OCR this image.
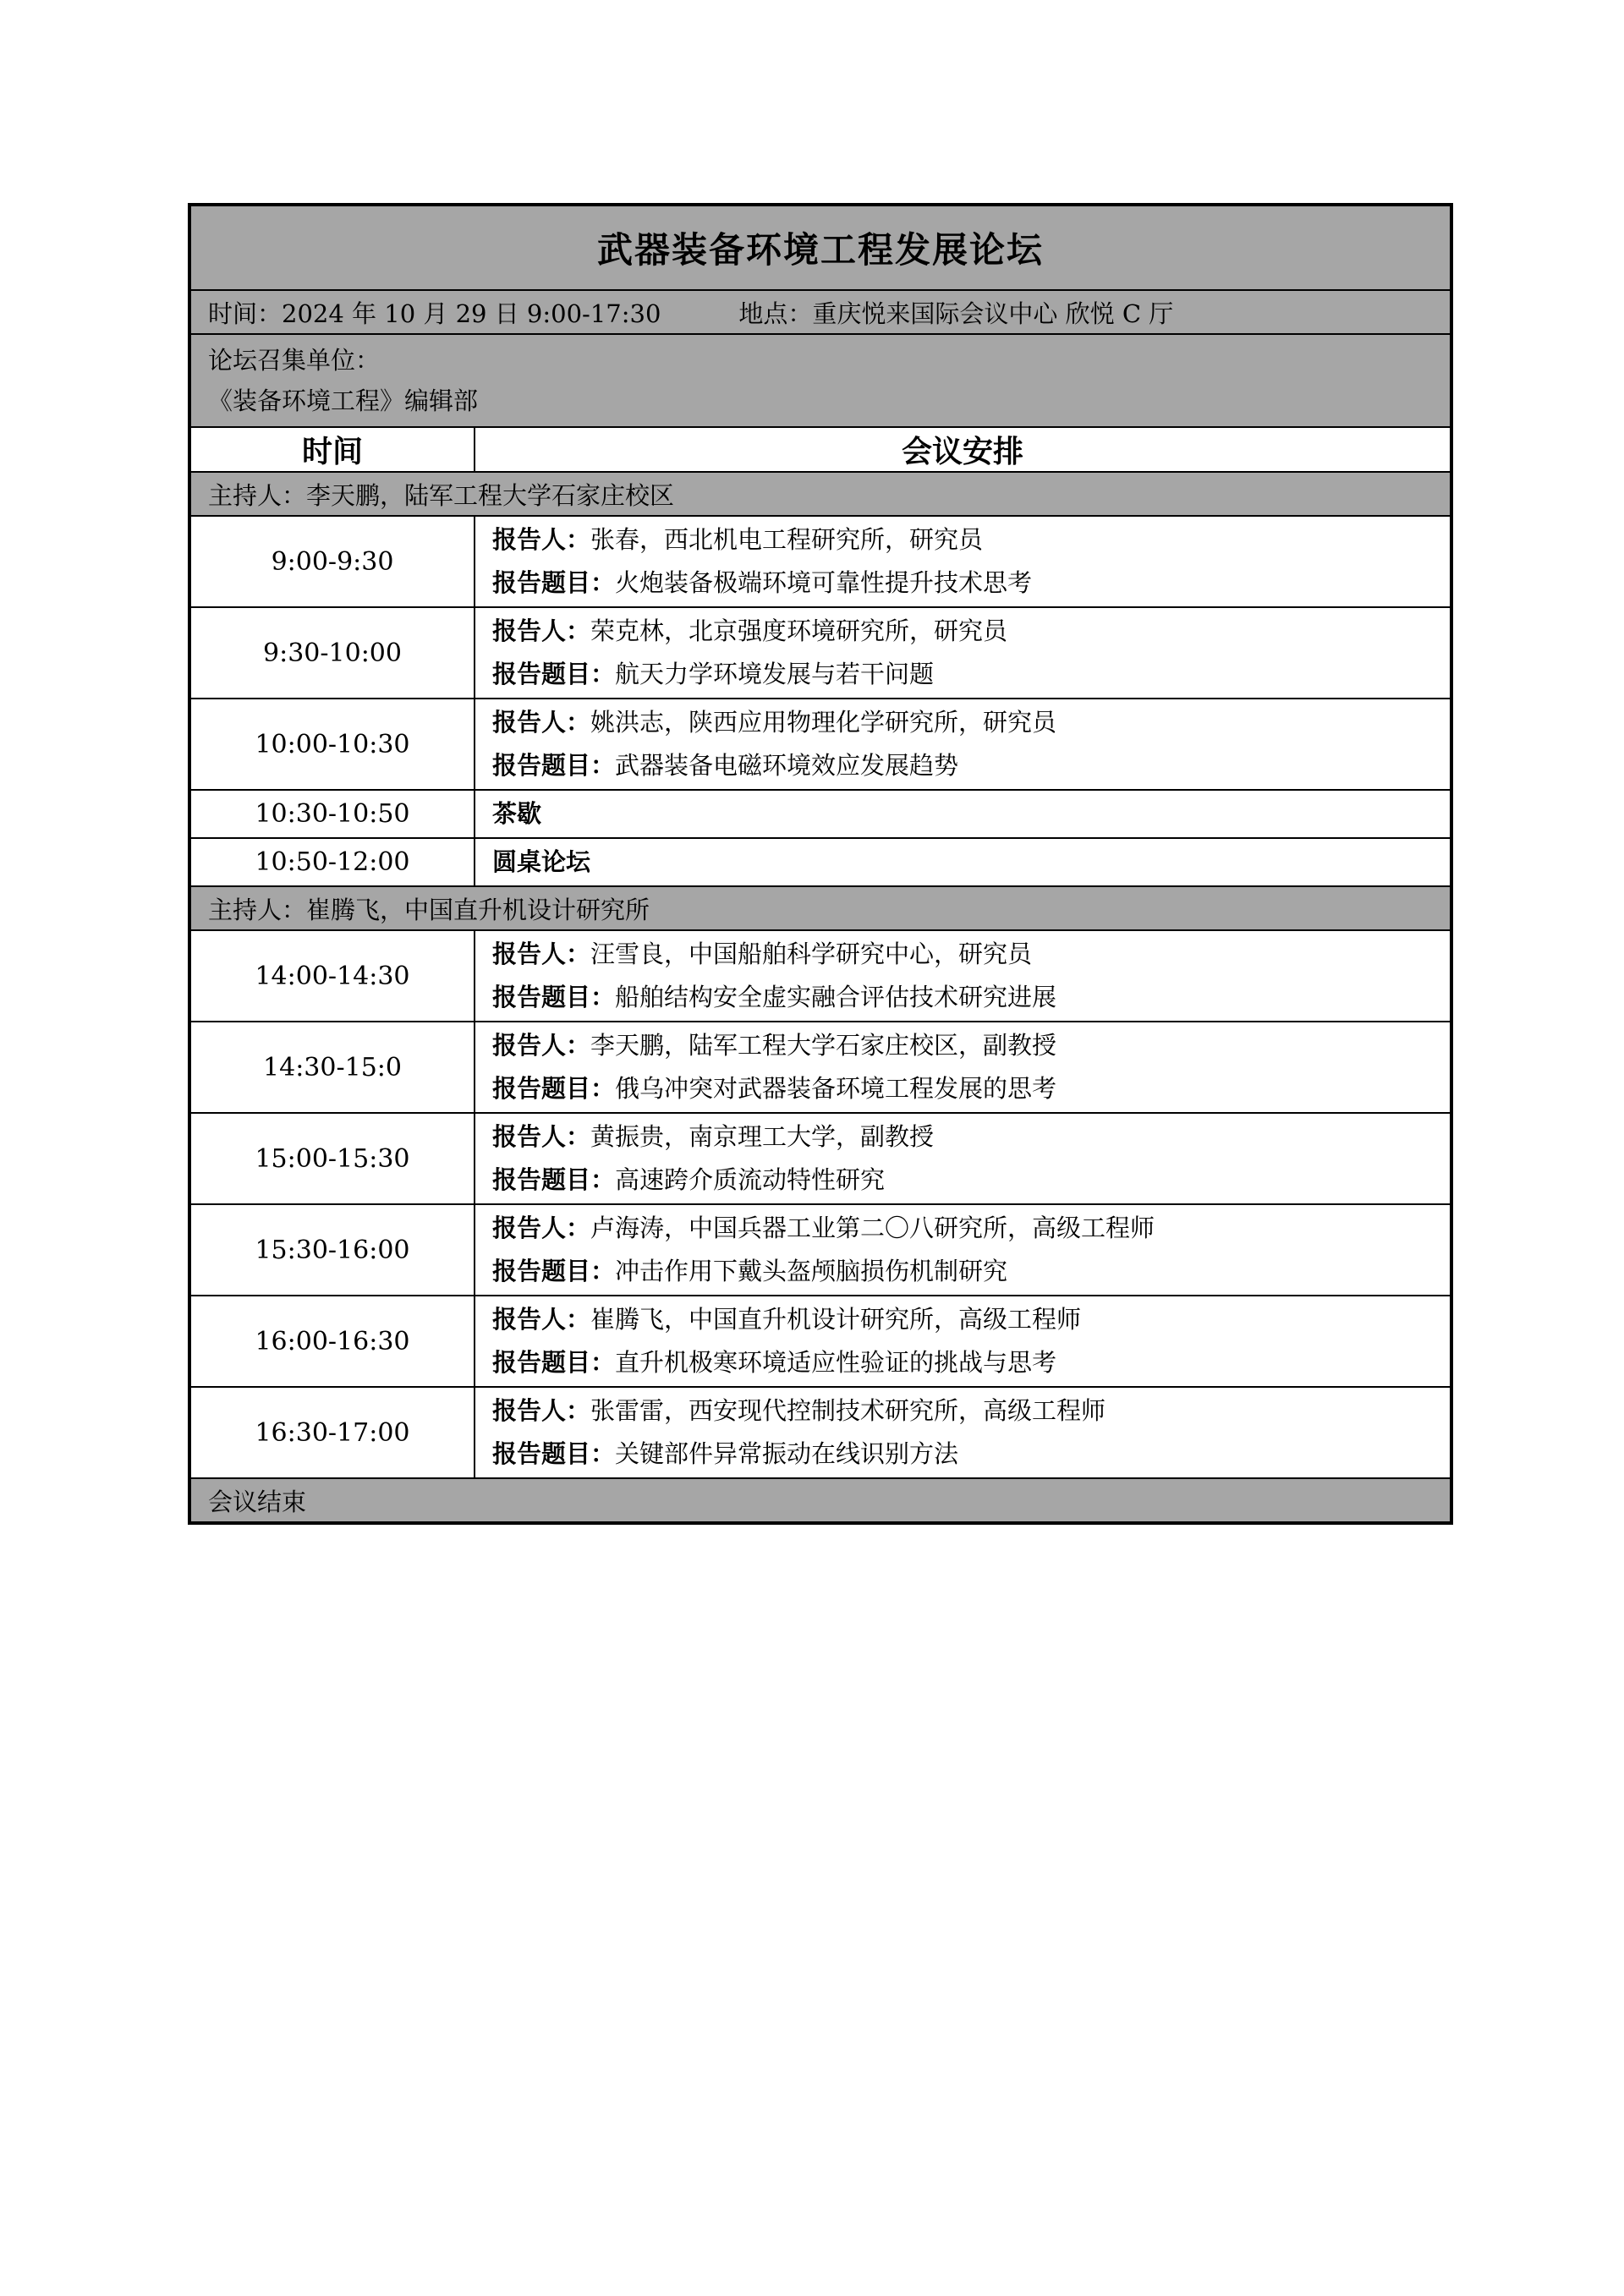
武器装备环境工程发展论坛	
时间：2024 年 10 月 29 日 9:00-17:30 地点：重庆悦来国际会议中心 欣悦 C 厅	

论坛召集单位：
《装备环境工程》编辑部	

时间	会议安排
主持人：李天鹏，陆军工程大学石家庄校区	
9:00-9:30	报告人：张春，西北机电工程研究所，研究员
报告题目：火炮装备极端环境可靠性提升技术思考

9:30-10:00	报告人：荣克林，北京强度环境研究所，研究员
报告题目：航天力学环境发展与若干问题

10:00-10:30	报告人：姚洪志，陕西应用物理化学研究所，研究员
报告题目：武器装备电磁环境效应发展趋势

10:30-10:50	茶歇
10:50-12:00	圆桌论坛
主持人：崔腾飞，中国直升机设计研究所	
14:00-14:30	报告人：汪雪良，中国船舶科学研究中心，研究员
报告题目：船舶结构安全虚实融合评估技术研究进展

14:30-15:0	报告人：李天鹏，陆军工程大学石家庄校区，副教授
报告题目：俄乌冲突对武器装备环境工程发展的思考

15:00-15:30	报告人：黄振贵，南京理工大学，副教授
报告题目：高速跨介质流动特性研究

15:30-16:00	报告人：卢海涛，中国兵器工业第二〇八研究所，高级工程师
报告题目：冲击作用下戴头盔颅脑损伤机制研究

16:00-16:30	报告人：崔腾飞，中国直升机设计研究所，高级工程师
报告题目：直升机极寒环境适应性验证的挑战与思考

16:30-17:00	报告人：张雷雷，西安现代控制技术研究所，高级工程师
报告题目：关键部件异常振动在线识别方法

会议结束	
